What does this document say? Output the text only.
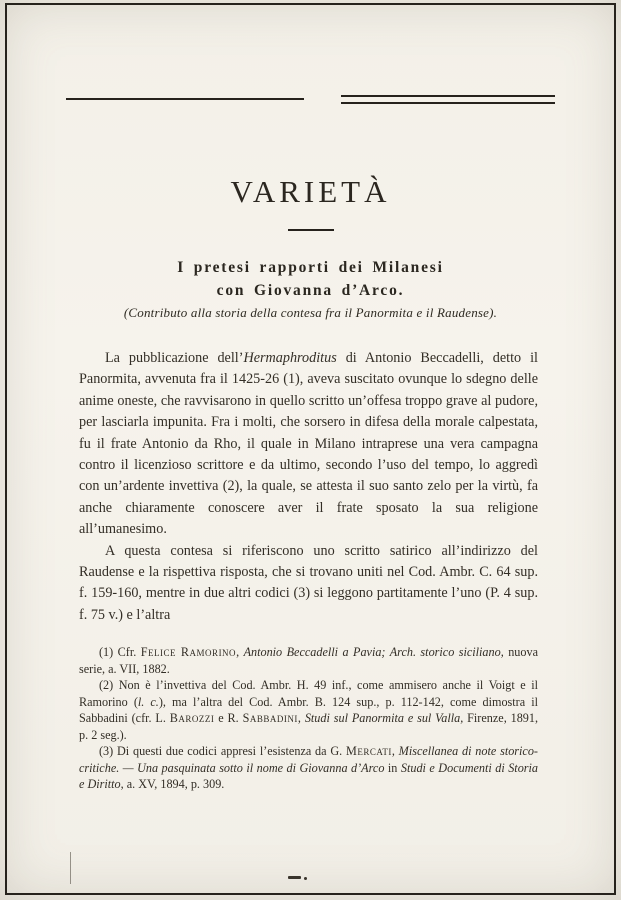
VARIETÀ
I pretesi rapporti dei Milanesi
con Giovanna d’Arco.
(Contributo alla storia della contesa fra il Panormita e il Raudense).

La pubblicazione dell’Hermaphroditus di Antonio Beccadelli, detto il Panormita, avvenuta fra il 1425-26 (1), aveva suscitato ovunque lo sdegno delle anime oneste, che ravvisarono in quello scritto un’offesa troppo grave al pudore, per lasciarla impunita. Fra i molti, che sorsero in difesa della morale calpestata, fu il frate Antonio da Rho, il quale in Milano intraprese una vera campagna contro il licenzioso scrittore e da ultimo, secondo l’uso del tempo, lo aggredì con un’ardente invettiva (2), la quale, se attesta il suo santo zelo per la virtù, fa anche chiaramente conoscere aver il frate sposato la sua religione all’umanesimo.

A questa contesa si riferiscono uno scritto satirico all’indirizzo del Raudense e la rispettiva risposta, che si trovano uniti nel Cod. Ambr. C. 64 sup. f. 159-160, mentre in due altri codici (3) si leggono partitamente l’uno (P. 4 sup. f. 75 v.) e l’altra

(1) Cfr. Felice Ramorino, Antonio Beccadelli a Pavia; Arch. storico siciliano, nuova serie, a. VII, 1882.

(2) Non è l’invettiva del Cod. Ambr. H. 49 inf., come ammisero anche il Voigt e il Ramorino (l. c.), ma l’altra del Cod. Ambr. B. 124 sup., p. 112-142, come dimostra il Sabbadini (cfr. L. Barozzi e R. Sabbadini, Studi sul Panormita e sul Valla, Firenze, 1891, p. 2 seg.).

(3) Di questi due codici appresi l’esistenza da G. Mercati, Miscellanea di note storico-critiche. — Una pasquinata sotto il nome di Giovanna d’Arco in Studi e Documenti di Storia e Diritto, a. XV, 1894, p. 309.
